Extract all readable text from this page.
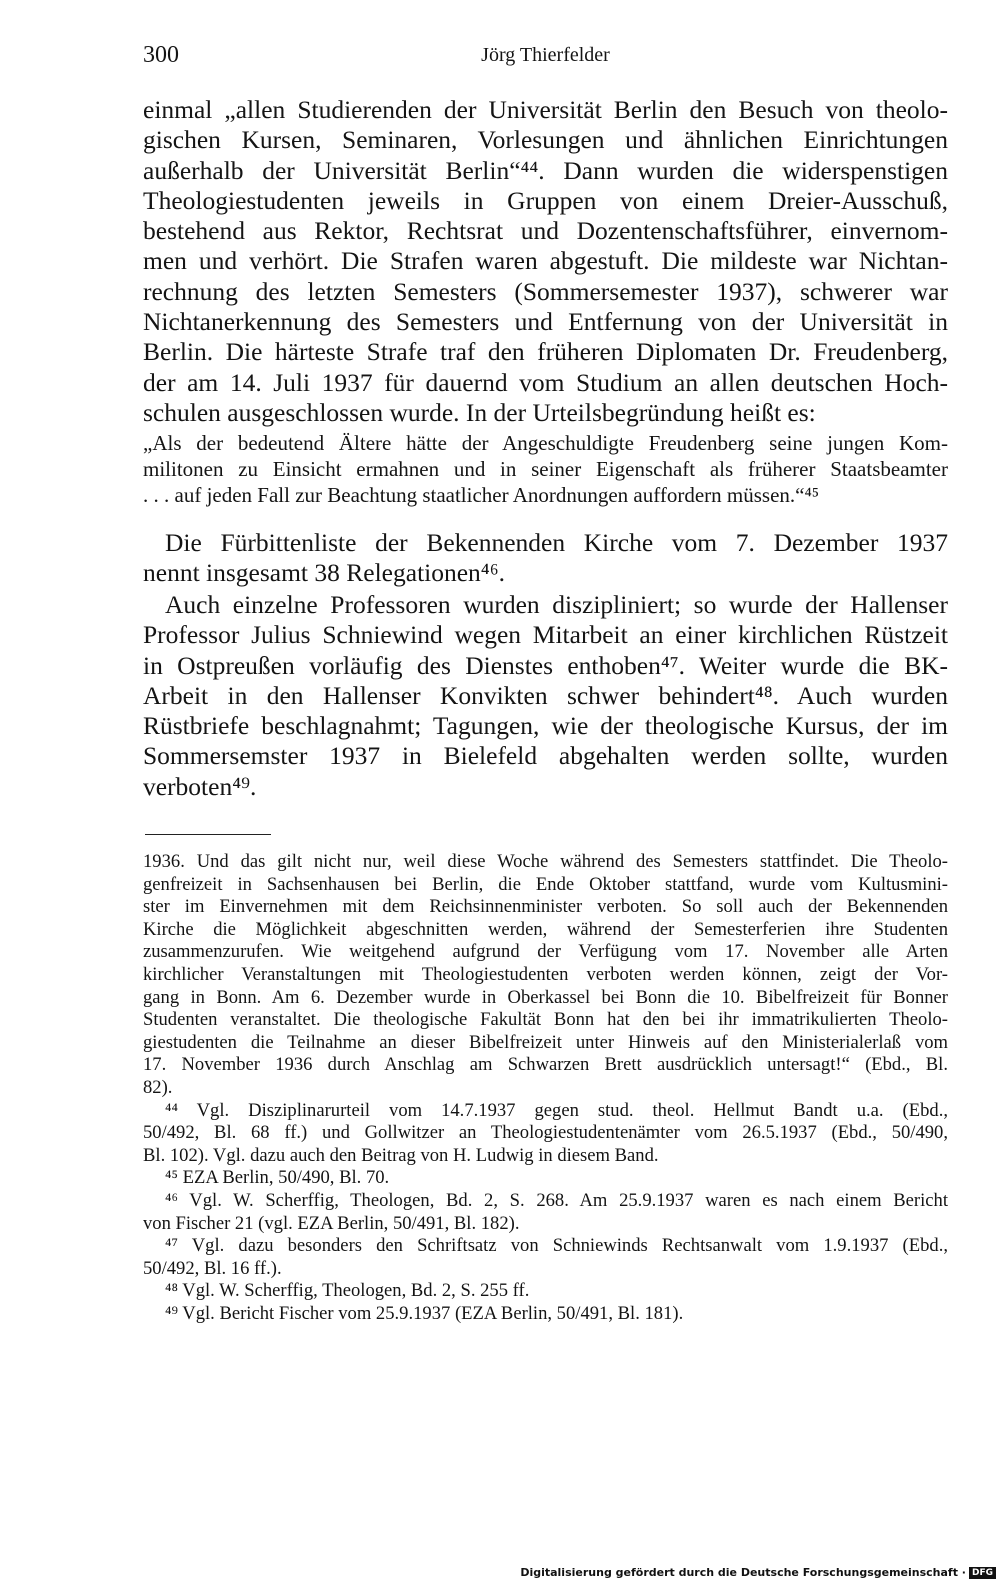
300	Jörg Thierfelder
einmal „allen Studierenden der Universität Berlin den Besuch von theolo-
gischen Kursen, Seminaren, Vorlesungen und ähnlichen Einrichtungen
außerhalb der Universität Berlin“⁴⁴. Dann wurden die widerspenstigen
Theologiestudenten jeweils in Gruppen von einem Dreier-Ausschuß,
bestehend aus Rektor, Rechtsrat und Dozentenschaftsführer, einvernom-
men und verhört. Die Strafen waren abgestuft. Die mildeste war Nichtan-
rechnung des letzten Semesters (Sommersemester 1937), schwerer war
Nichtanerkennung des Semesters und Entfernung von der Universität in
Berlin. Die härteste Strafe traf den früheren Diplomaten Dr. Freudenberg,
der am 14. Juli 1937 für dauernd vom Studium an allen deutschen Hoch-
schulen ausgeschlossen wurde. In der Urteilsbegründung heißt es:
„Als der bedeutend Ältere hätte der Angeschuldigte Freudenberg seine jungen Kom-
militonen zu Einsicht ermahnen und in seiner Eigenschaft als früherer Staatsbeamter
. . . auf jeden Fall zur Beachtung staatlicher Anordnungen auffordern müssen.“⁴⁵
Die Fürbittenliste der Bekennenden Kirche vom 7. Dezember 1937
nennt insgesamt 38 Relegationen⁴⁶.
Auch einzelne Professoren wurden diszipliniert; so wurde der Hallenser
Professor Julius Schniewind wegen Mitarbeit an einer kirchlichen Rüstzeit
in Ostpreußen vorläufig des Dienstes enthoben⁴⁷. Weiter wurde die BK-
Arbeit in den Hallenser Konvikten schwer behindert⁴⁸. Auch wurden
Rüstbriefe beschlagnahmt; Tagungen, wie der theologische Kursus, der im
Sommersemster 1937 in Bielefeld abgehalten werden sollte, wurden
verboten⁴⁹.
1936. Und das gilt nicht nur, weil diese Woche während des Semesters stattfindet. Die Theolo-
genfreizeit in Sachsenhausen bei Berlin, die Ende Oktober stattfand, wurde vom Kultusmini-
ster im Einvernehmen mit dem Reichsinnenminister verboten. So soll auch der Bekennenden
Kirche die Möglichkeit abgeschnitten werden, während der Semesterferien ihre Studenten
zusammenzurufen. Wie weitgehend aufgrund der Verfügung vom 17. November alle Arten
kirchlicher Veranstaltungen mit Theologiestudenten verboten werden können, zeigt der Vor-
gang in Bonn. Am 6. Dezember wurde in Oberkassel bei Bonn die 10. Bibelfreizeit für Bonner
Studenten veranstaltet. Die theologische Fakultät Bonn hat den bei ihr immatrikulierten Theolo-
giestudenten die Teilnahme an dieser Bibelfreizeit unter Hinweis auf den Ministerialerlaß vom
17. November 1936 durch Anschlag am Schwarzen Brett ausdrücklich untersagt!“ (Ebd., Bl.
82).
⁴⁴ Vgl. Disziplinarurteil vom 14.7.1937 gegen stud. theol. Hellmut Bandt u.a. (Ebd.,
50/492, Bl. 68 ff.) und Gollwitzer an Theologiestudentenämter vom 26.5.1937 (Ebd., 50/490,
Bl. 102). Vgl. dazu auch den Beitrag von H. Ludwig in diesem Band.
⁴⁵ EZA Berlin, 50/490, Bl. 70.
⁴⁶ Vgl. W. Scherffig, Theologen, Bd. 2, S. 268. Am 25.9.1937 waren es nach einem Bericht
von Fischer 21 (vgl. EZA Berlin, 50/491, Bl. 182).
⁴⁷ Vgl. dazu besonders den Schriftsatz von Schniewinds Rechtsanwalt vom 1.9.1937 (Ebd.,
50/492, Bl. 16 ff.).
⁴⁸ Vgl. W. Scherffig, Theologen, Bd. 2, S. 255 ff.
⁴⁹ Vgl. Bericht Fischer vom 25.9.1937 (EZA Berlin, 50/491, Bl. 181).
Digitalisierung gefördert durch die Deutsche Forschungsgemeinschaft · DFG
